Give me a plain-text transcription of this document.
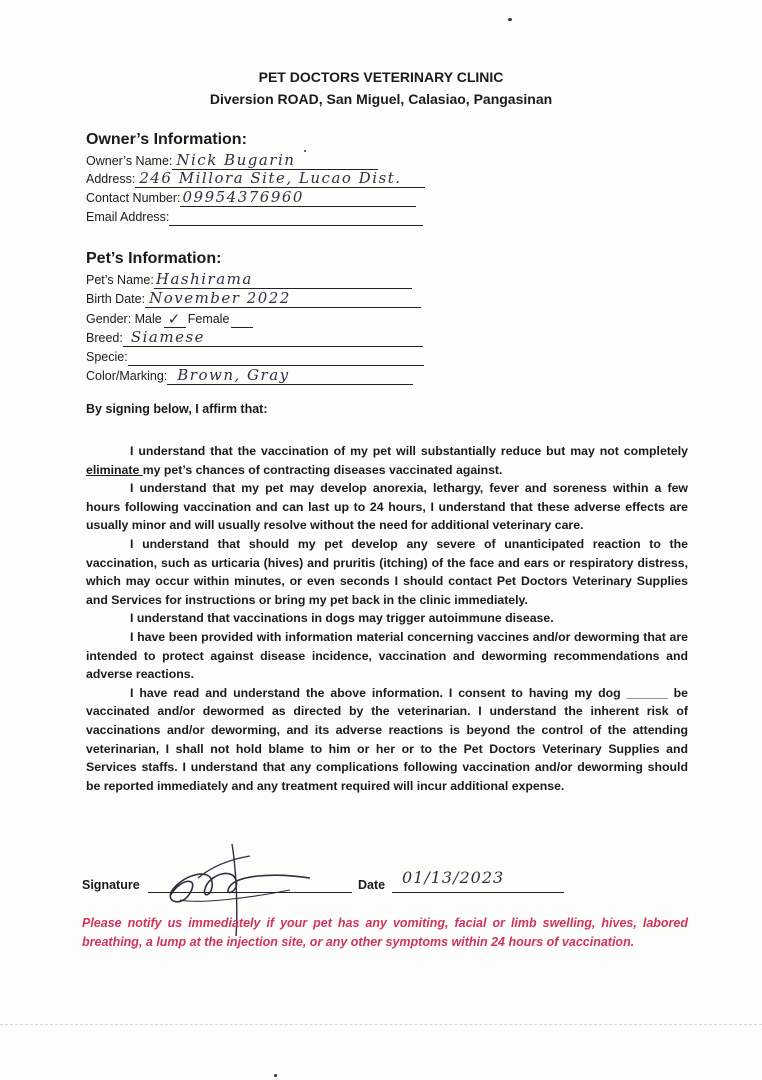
PET DOCTORS VETERINARY CLINIC
Diversion ROAD, San Miguel, Calasiao, Pangasinan
Owner’s Information:
Owner’s Name: Nick Bugarin
Address: 246 Millora Site, Lucao Dist.
Contact Number: 09954376960
Email Address:
Pet’s Information:
Pet’s Name: Hashirama
Birth Date: November 2022
Gender: Male ✓ Female
Breed: Siamese
Specie:
Color/Marking: Brown, Gray
By signing below, I affirm that:

I understand that the vaccination of my pet will substantially reduce but may not completely eliminate my pet’s chances of contracting diseases vaccinated against.

I understand that my pet may develop anorexia, lethargy, fever and soreness within a few hours following vaccination and can last up to 24 hours, I understand that these adverse effects are usually minor and will usually resolve without the need for additional veterinary care.

I understand that should my pet develop any severe of unanticipated reaction to the vaccination, such as urticaria (hives) and pruritis (itching) of the face and ears or respiratory distress, which may occur within minutes, or even seconds I should contact Pet Doctors Veterinary Supplies and Services for instructions or bring my pet back in the clinic immediately.

I understand that vaccinations in dogs may trigger autoimmune disease.

I have been provided with information material concerning vaccines and/or deworming that are intended to protect against disease incidence, vaccination and deworming recommendations and adverse reactions.

I have read and understand the above information. I consent to having my dog ______ be vaccinated and/or dewormed as directed by the veterinarian. I understand the inherent risk of vaccinations and/or deworming, and its adverse reactions is beyond the control of the attending veterinarian, I shall not hold blame to him or her or to the Pet Doctors Veterinary Supplies and Services staffs. I understand that any complications following vaccination and/or deworming should be reported immediately and any treatment required will incur additional expense.

Signature	Date 01/13/2023
Please notify us immediately if your pet has any vomiting, facial or limb swelling, hives, labored breathing, a lump at the injection site, or any other symptoms within 24 hours of vaccination.
